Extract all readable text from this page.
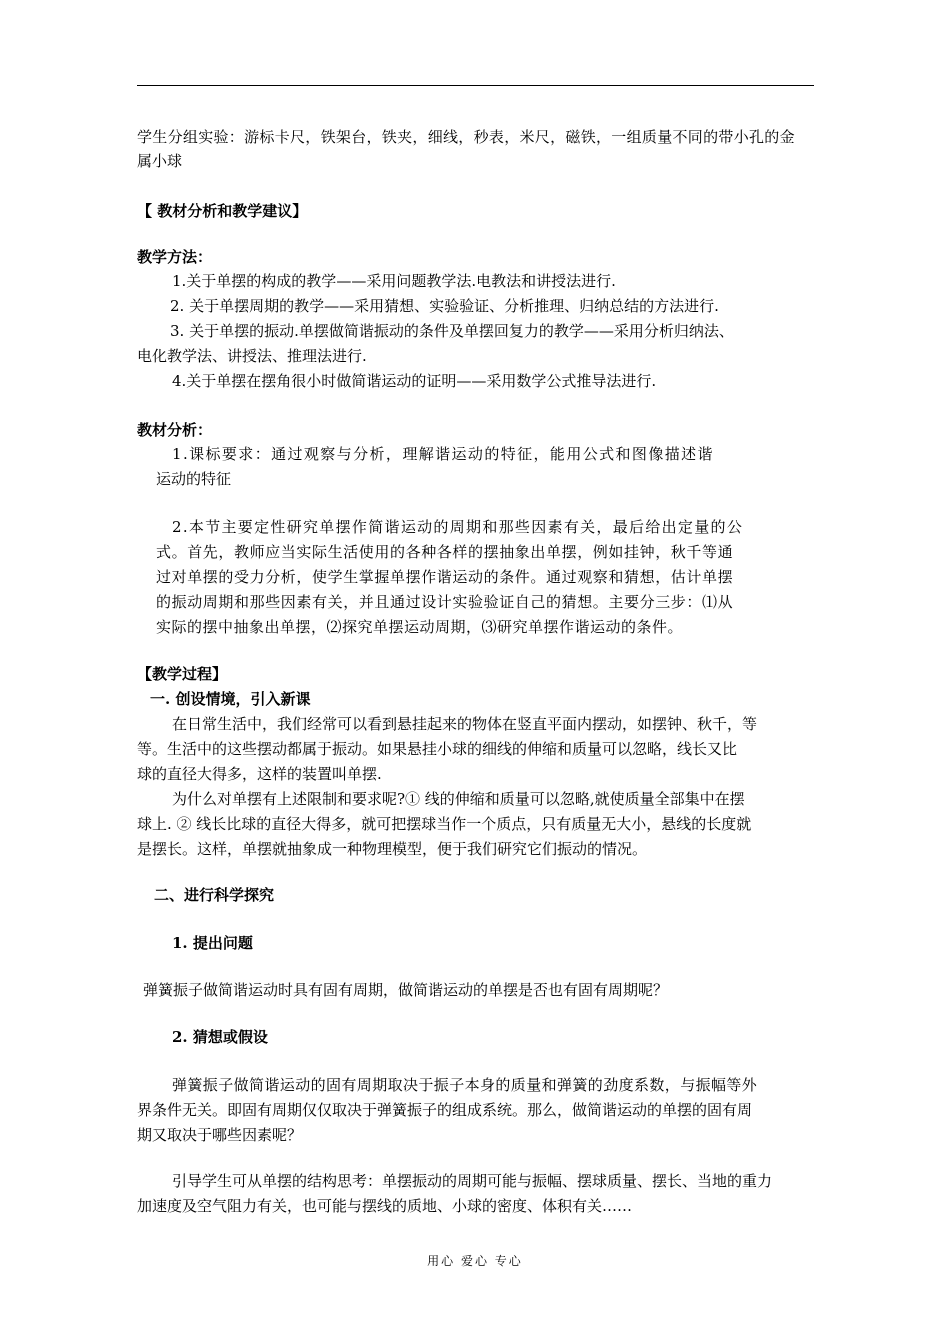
学生分组实验：游标卡尺，铁架台，铁夹，细线，秒表，米尺，磁铁，一组质量不同的带小孔的金
属小球
【 教材分析和教学建议】
教学方法：
1.关于单摆的构成的教学——采用问题教学法.电教法和讲授法进行.
2. 关于单摆周期的教学——采用猜想、实验验证、分析推理、归纳总结的方法进行.
3. 关于单摆的振动.单摆做简谐振动的条件及单摆回复力的教学——采用分析归纳法、
电化教学法、讲授法、推理法进行.
4.关于单摆在摆角很小时做简谐运动的证明——采用数学公式推导法进行.
教材分析：
1.课标要求：通过观察与分析，理解谐运动的特征，能用公式和图像描述谐
运动的特征
2.本节主要定性研究单摆作简谐运动的周期和那些因素有关，最后给出定量的公
式。首先，教师应当实际生活使用的各种各样的摆抽象出单摆，例如挂钟，秋千等通
过对单摆的受力分析，使学生掌握单摆作谐运动的条件。通过观察和猜想，估计单摆
的振动周期和那些因素有关，并且通过设计实验验证自己的猜想。主要分三步：⑴从
实际的摆中抽象出单摆，⑵探究单摆运动周期，⑶研究单摆作谐运动的条件。
【教学过程】
一. 创设情境，引入新课
在日常生活中，我们经常可以看到悬挂起来的物体在竖直平面内摆动，如摆钟、秋千，等
等。生活中的这些摆动都属于振动。如果悬挂小球的细线的伸缩和质量可以忽略，线长又比
球的直径大得多，这样的装置叫单摆.
为什么对单摆有上述限制和要求呢?① 线的伸缩和质量可以忽略,就使质量全部集中在摆
球上. ② 线长比球的直径大得多，就可把摆球当作一个质点，只有质量无大小，悬线的长度就
是摆长。这样，单摆就抽象成一种物理模型，便于我们研究它们振动的情况。
二、进行科学探究
1. 提出问题
弹簧振子做简谐运动时具有固有周期，做简谐运动的单摆是否也有固有周期呢？
2. 猜想或假设
弹簧振子做简谐运动的固有周期取决于振子本身的质量和弹簧的劲度系数，与振幅等外
界条件无关。即固有周期仅仅取决于弹簧振子的组成系统。那么，做简谐运动的单摆的固有周
期又取决于哪些因素呢？
引导学生可从单摆的结构思考：单摆振动的周期可能与振幅、摆球质量、摆长、当地的重力
加速度及空气阻力有关，也可能与摆线的质地、小球的密度、体积有关……
用心 爱心 专心
